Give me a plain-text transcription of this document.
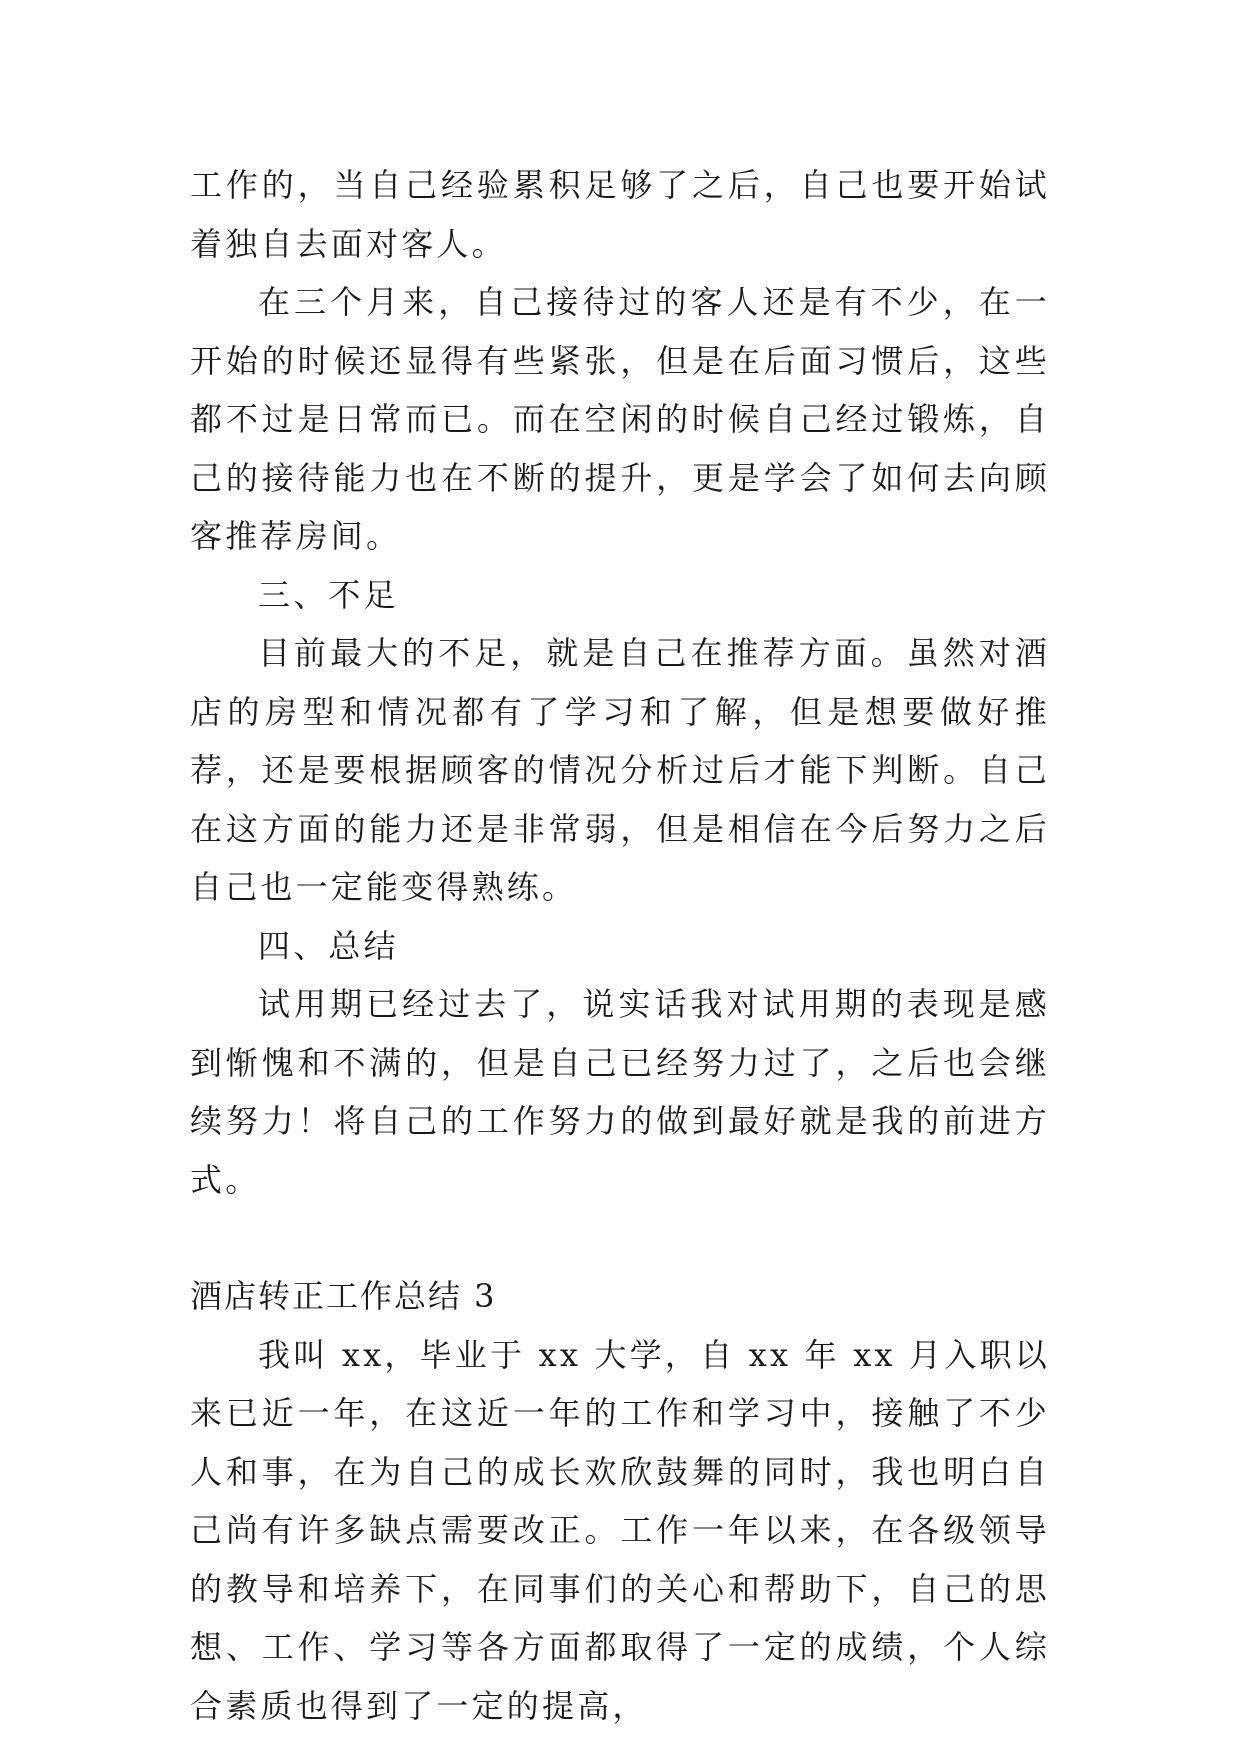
工作的，当自己经验累积足够了之后，自己也要开始试着独自去面对客人。

在三个月来，自己接待过的客人还是有不少，在一开始的时候还显得有些紧张，但是在后面习惯后，这些都不过是日常而已。而在空闲的时候自己经过锻炼，自己的接待能力也在不断的提升，更是学会了如何去向顾客推荐房间。

三、不足

目前最大的不足，就是自己在推荐方面。虽然对酒店的房型和情况都有了学习和了解，但是想要做好推荐，还是要根据顾客的情况分析过后才能下判断。自己在这方面的能力还是非常弱，但是相信在今后努力之后自己也一定能变得熟练。

四、总结

试用期已经过去了，说实话我对试用期的表现是感到惭愧和不满的，但是自己已经努力过了，之后也会继续努力！将自己的工作努力的做到最好就是我的前进方式。

酒店转正工作总结 3

我叫 xx，毕业于 xx 大学，自 xx 年 xx 月入职以来已近一年，在这近一年的工作和学习中，接触了不少人和事，在为自己的成长欢欣鼓舞的同时，我也明白自己尚有许多缺点需要改正。工作一年以来，在各级领导的教导和培养下，在同事们的关心和帮助下，自己的思想、工作、学习等各方面都取得了一定的成绩，个人综合素质也得到了一定的提高，
